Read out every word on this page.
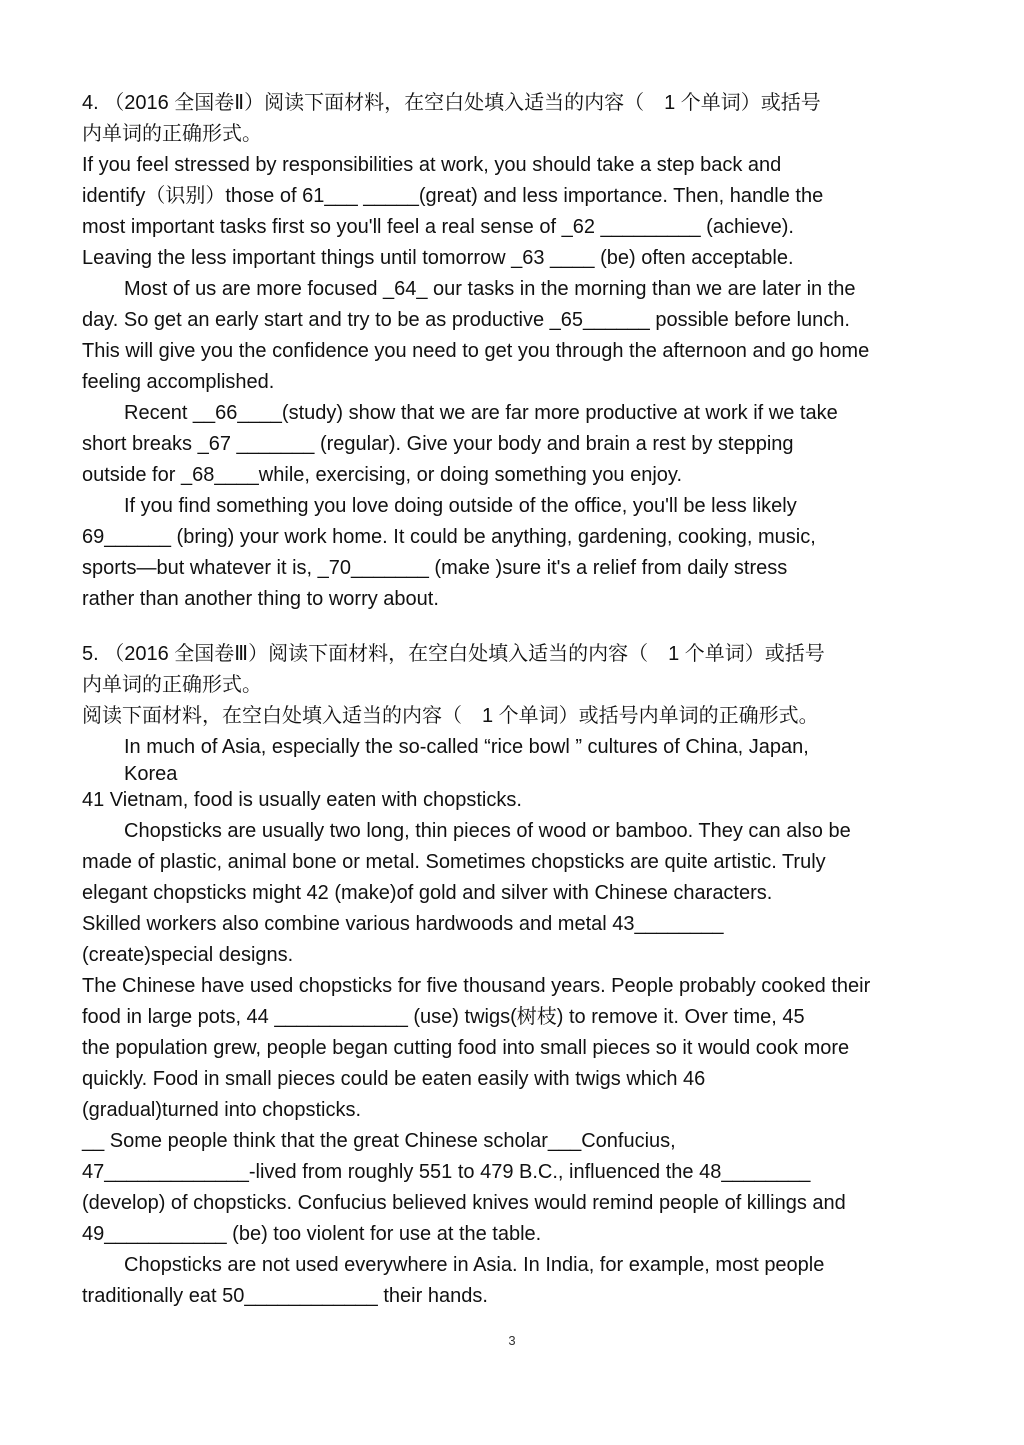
4. （2016 全国卷Ⅱ）阅读下面材料，在空白处填入适当的内容（　1 个单词）或括号
内单词的正确形式。
If you feel stressed by responsibilities at work, you should take a step back and
identify（识别）those of 61___ _____(great) and less importance. Then, handle the
most important tasks first so you'll feel a real sense of _62 _________ (achieve).
Leaving the less important things until tomorrow _63 ____ (be) often acceptable.
Most of us are more focused _64_ our tasks in the morning than we are later in the
day. So get an early start and try to be as productive _65______ possible before lunch.
This will give you the confidence you need to get you through the afternoon and go home
feeling accomplished.
Recent __66____(study) show that we are far more productive at work if we take
short breaks _67 _______ (regular). Give your body and brain a rest by stepping
outside for _68____while, exercising, or doing something you enjoy.
If you find something you love doing outside of the office, you'll be less likely
69______ (bring) your work home. It could be anything, gardening, cooking, music,
sports—but whatever it is, _70_______ (make )sure it's a relief from daily stress
rather than another thing to worry about.
5. （2016 全国卷Ⅲ）阅读下面材料，在空白处填入适当的内容（　1 个单词）或括号
内单词的正确形式。
阅读下面材料，在空白处填入适当的内容（　1 个单词）或括号内单词的正确形式。
In much of Asia, especially the so-called “rice bowl ” cultures of China, Japan,
Korea
41 Vietnam, food is usually eaten with chopsticks.
Chopsticks are usually two long, thin pieces of wood or bamboo. They can also be
made of plastic, animal bone or metal. Sometimes chopsticks are quite artistic. Truly
elegant chopsticks might 42 (make)of gold and silver with Chinese characters.
Skilled workers also combine various hardwoods and metal 43________
(create)special designs.
The Chinese have used chopsticks for five thousand years. People probably cooked their
food in large pots, 44 ____________ (use) twigs(树枝) to remove it. Over time, 45
the population grew, people began cutting food into small pieces so it would cook more
quickly. Food in small pieces could be eaten easily with twigs which 46
(gradual)turned into chopsticks.
__ Some people think that the great Chinese scholar___Confucius,
47_____________-lived from roughly 551 to 479 B.C., influenced the 48________
(develop) of chopsticks. Confucius believed knives would remind people of killings and
49___________ (be) too violent for use at the table.
Chopsticks are not used everywhere in Asia. In India, for example, most people
traditionally eat 50____________ their hands.
3
